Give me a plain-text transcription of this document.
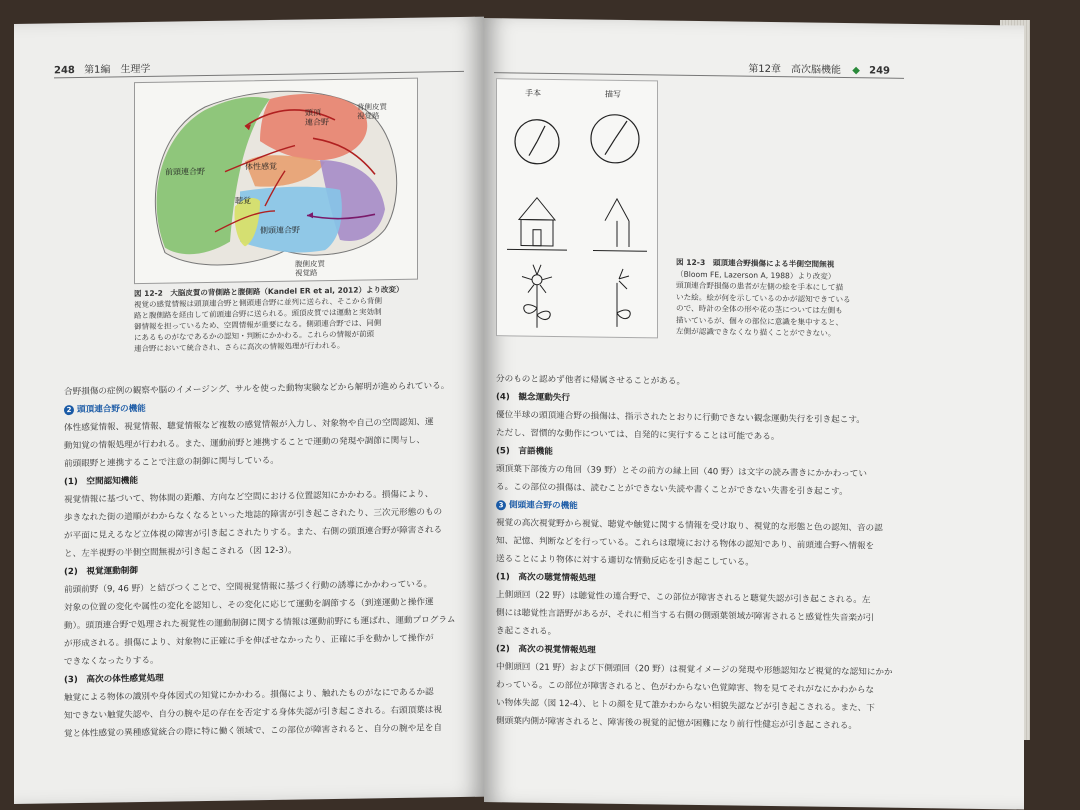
248 第1編　生理学
前頭連合野
頭頂連合野
体性感覚
聴覚
側頭連合野
背側皮質視覚路
腹側皮質視覚路
図 12-2　大脳皮質の背側路と腹側路（Kandel ER et al, 2012）より改変）
視覚の感覚情報は頭頂連合野と側頭連合野に並列に送られ、そこから背側
路と腹側路を経由して前頭連合野に送られる。頭頂皮質では運動と実効制
御情報を担っているため、空間情報が重要になる。側頭連合野では、同側
にあるものがなであるかの認知・判断にかかわる。これらの情報が前頭
連合野において統合され、さらに高次の情報処理が行われる。

合野損傷の症例の観察や脳のイメージング、サルを使った動物実験などから解明が進められている。

2 頭頂連合野の機能

体性感覚情報、視覚情報、聴覚情報など複数の感覚情報が入力し、対象物や自己の空間認知、運

動知覚の情報処理が行われる。また、運動前野と連携することで運動の発現や調節に関与し、

前頭眼野と連携することで注意の制御に関与している。

(1)　空間認知機能

視覚情報に基づいて、物体間の距離、方向など空間における位置認知にかかわる。損傷により、

歩きなれた街の道順がわからなくなるといった地誌的障害が引き起こされたり、三次元形態のもの

が平面に見えるなど立体視の障害が引き起こされたりする。また、右側の頭頂連合野が障害される

と、左半視野の半側空間無視が引き起こされる（図 12-3）。

(2)　視覚運動制御

前頭前野（9, 46 野）と結びつくことで、空間視覚情報に基づく行動の誘導にかかわっている。

対象の位置の変化や属性の変化を認知し、その変化に応じて運動を調節する（到達運動と操作運

動）。頭頂連合野で処理された視覚性の運動制御に関する情報は運動前野にも運ばれ、運動プログラム

が形成される。損傷により、対象物に正確に手を伸ばせなかったり、正確に手を動かして操作が

できなくなったりする。

(3)　高次の体性感覚処理

触覚による物体の識別や身体図式の知覚にかかわる。損傷により、触れたものがなにであるか認

知できない触覚失認や、自分の腕や足の存在を否定する身体失認が引き起こされる。右頭頂葉は視

覚と体性感覚の異種感覚統合の際に特に働く領域で、この部位が障害されると、自分の腕や足を自

第12章　高次脳機能 ◆ 249
手本	描写
図 12-3　頭頂連合野損傷による半側空間無視
（Bloom FE, Lazerson A, 1988）より改変）
頭頂連合野損傷の患者が左側の絵を手本にして描
いた絵。絵が何を示しているのかが認知できている
ので、時計の全体の形や花の茎については左側も
描いているが、個々の部位に意識を集中すると、
左側が認識できなくなり描くことができない。

分のものと認めず他者に帰属させることがある。

(4)　観念運動失行

優位半球の頭頂連合野の損傷は、指示されたとおりに行動できない観念運動失行を引き起こす。

ただし、習慣的な動作については、自発的に実行することは可能である。

(5)　言語機能

頭頂葉下部後方の角回（39 野）とその前方の縁上回（40 野）は文字の読み書きにかかわってい

る。この部位の損傷は、読むことができない失読や書くことができない失書を引き起こす。

3 側頭連合野の機能

視覚の高次視覚野から視覚、聴覚や触覚に関する情報を受け取り、視覚的な形態と色の認知、音の認

知、記憶、判断などを行っている。これらは環境における物体の認知であり、前頭連合野へ情報を

送ることにより物体に対する適切な情動反応を引き起こしている。

(1)　高次の聴覚情報処理

上側頭回（22 野）は聴覚性の連合野で、この部位が障害されると聴覚失認が引き起こされる。左

側には聴覚性言語野があるが、それに相当する右側の側頭葉領域が障害されると感覚性失音楽が引

き起こされる。

(2)　高次の視覚情報処理

中側頭回（21 野）および下側頭回（20 野）は視覚イメージの発現や形態認知など視覚的な認知にかか

わっている。この部位が障害されると、色がわからない色覚障害、物を見てそれがなにかわからな

い物体失認（図 12-4）、ヒトの顔を見て誰かわからない相貌失認などが引き起こされる。また、下

側頭葉内側が障害されると、障害後の視覚的記憶が困難になり前行性健忘が引き起こされる。
